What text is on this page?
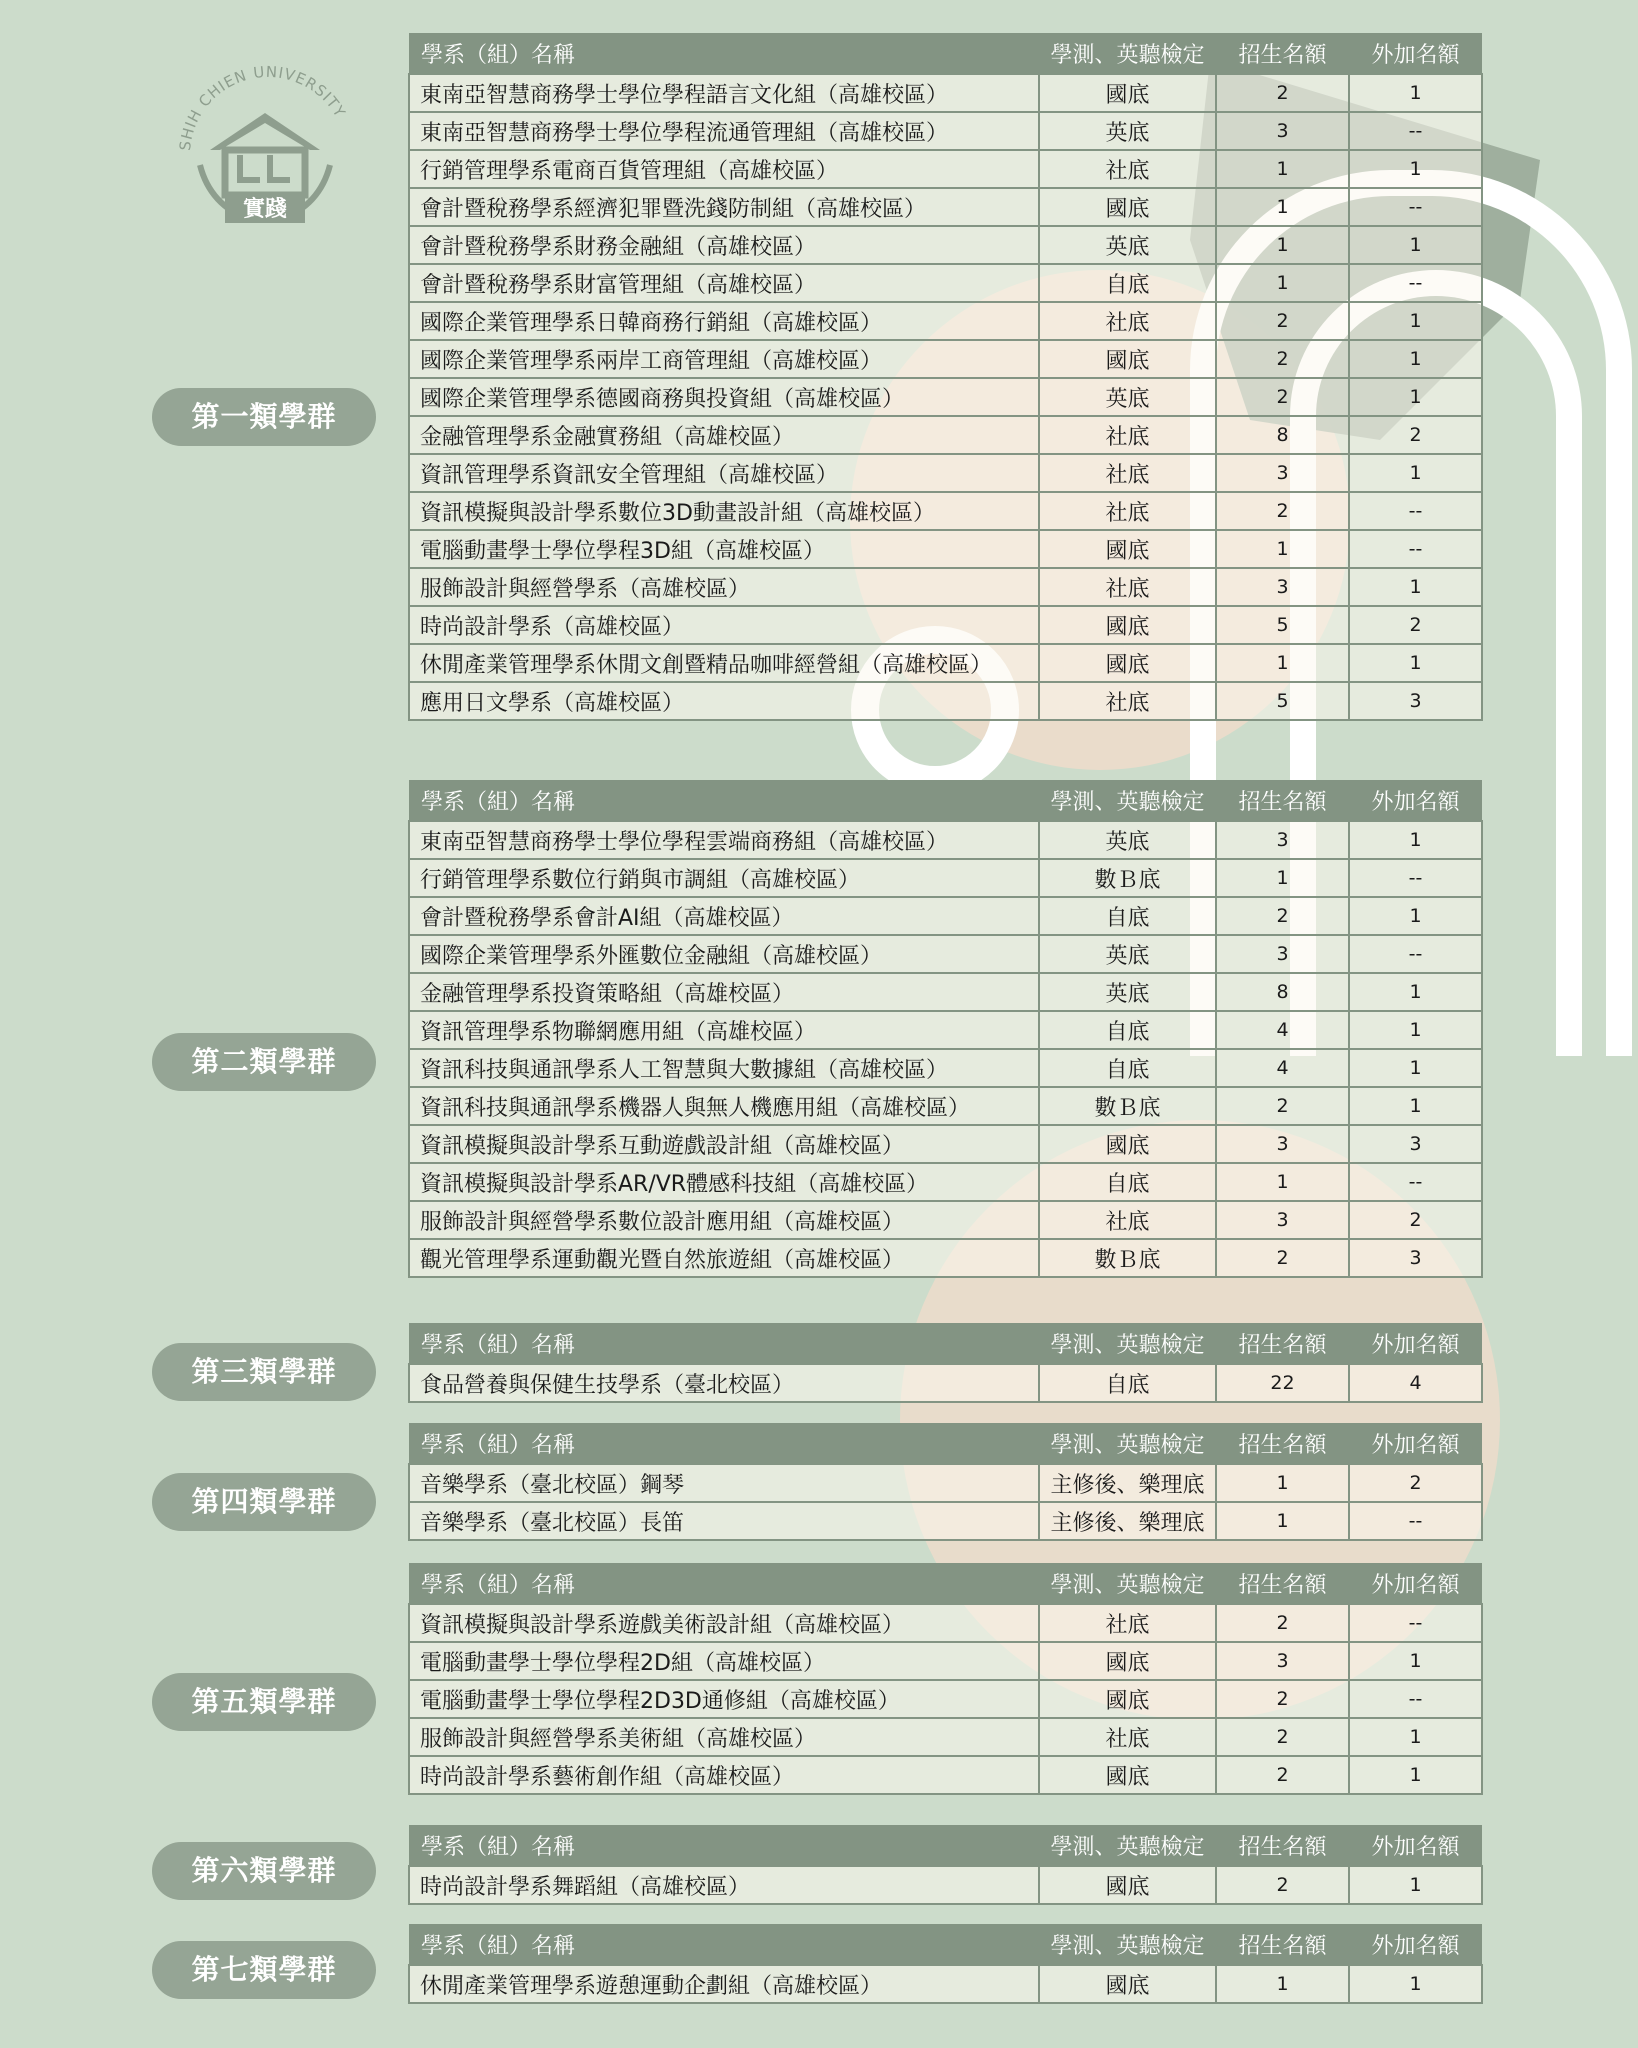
SHIH CHIEN UNIVERSITY
實踐
第一類學群
學系（組）名稱	學測、英聽檢定	招生名額	外加名額
東南亞智慧商務學士學位學程語言文化組（高雄校區）	國底	2	1
東南亞智慧商務學士學位學程流通管理組（高雄校區）	英底	3	--
行銷管理學系電商百貨管理組（高雄校區）	社底	1	1
會計暨稅務學系經濟犯罪暨洗錢防制組（高雄校區）	國底	1	--
會計暨稅務學系財務金融組（高雄校區）	英底	1	1
會計暨稅務學系財富管理組（高雄校區）	自底	1	--
國際企業管理學系日韓商務行銷組（高雄校區）	社底	2	1
國際企業管理學系兩岸工商管理組（高雄校區）	國底	2	1
國際企業管理學系德國商務與投資組（高雄校區）	英底	2	1
金融管理學系金融實務組（高雄校區）	社底	8	2
資訊管理學系資訊安全管理組（高雄校區）	社底	3	1
資訊模擬與設計學系數位3D動畫設計組（高雄校區）	社底	2	--
電腦動畫學士學位學程3D組（高雄校區）	國底	1	--
服飾設計與經營學系（高雄校區）	社底	3	1
時尚設計學系（高雄校區）	國底	5	2
休閒產業管理學系休閒文創暨精品咖啡經營組（高雄校區）	國底	1	1
應用日文學系（高雄校區）	社底	5	3
第二類學群
學系（組）名稱	學測、英聽檢定	招生名額	外加名額
東南亞智慧商務學士學位學程雲端商務組（高雄校區）	英底	3	1
行銷管理學系數位行銷與市調組（高雄校區）	數Ｂ底	1	--
會計暨稅務學系會計AI組（高雄校區）	自底	2	1
國際企業管理學系外匯數位金融組（高雄校區）	英底	3	--
金融管理學系投資策略組（高雄校區）	英底	8	1
資訊管理學系物聯網應用組（高雄校區）	自底	4	1
資訊科技與通訊學系人工智慧與大數據組（高雄校區）	自底	4	1
資訊科技與通訊學系機器人與無人機應用組（高雄校區）	數Ｂ底	2	1
資訊模擬與設計學系互動遊戲設計組（高雄校區）	國底	3	3
資訊模擬與設計學系AR/VR體感科技組（高雄校區）	自底	1	--
服飾設計與經營學系數位設計應用組（高雄校區）	社底	3	2
觀光管理學系運動觀光暨自然旅遊組（高雄校區）	數Ｂ底	2	3
第三類學群
學系（組）名稱	學測、英聽檢定	招生名額	外加名額
食品營養與保健生技學系（臺北校區）	自底	22	4
第四類學群
學系（組）名稱	學測、英聽檢定	招生名額	外加名額
音樂學系（臺北校區）鋼琴	主修後、樂理底	1	2
音樂學系（臺北校區）長笛	主修後、樂理底	1	--
第五類學群
學系（組）名稱	學測、英聽檢定	招生名額	外加名額
資訊模擬與設計學系遊戲美術設計組（高雄校區）	社底	2	--
電腦動畫學士學位學程2D組（高雄校區）	國底	3	1
電腦動畫學士學位學程2D3D通修組（高雄校區）	國底	2	--
服飾設計與經營學系美術組（高雄校區）	社底	2	1
時尚設計學系藝術創作組（高雄校區）	國底	2	1
第六類學群
學系（組）名稱	學測、英聽檢定	招生名額	外加名額
時尚設計學系舞蹈組（高雄校區）	國底	2	1
第七類學群
學系（組）名稱	學測、英聽檢定	招生名額	外加名額
休閒產業管理學系遊憩運動企劃組（高雄校區）	國底	1	1
